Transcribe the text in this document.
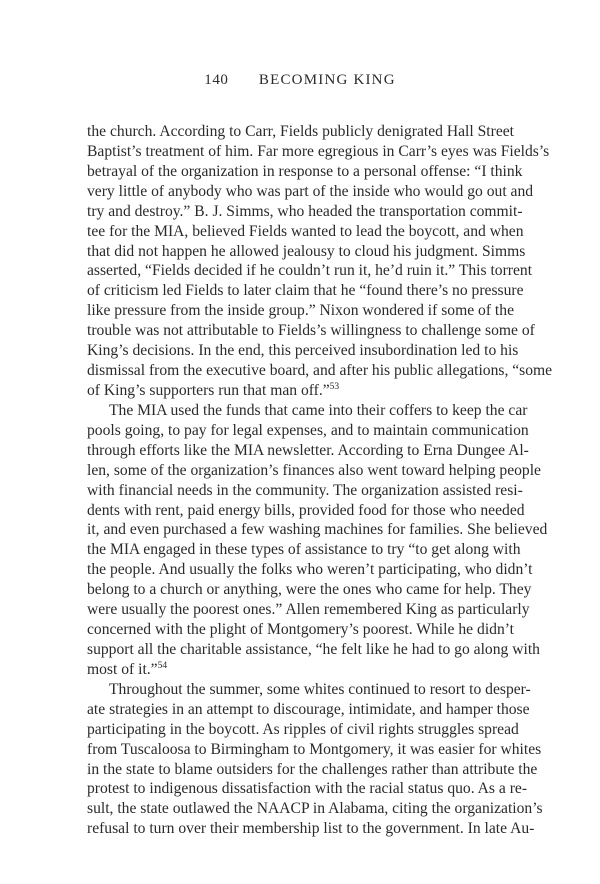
140 BECOMING KING
the church. According to Carr, Fields publicly denigrated Hall Street
Baptist’s treatment of him. Far more egregious in Carr’s eyes was Fields’s
betrayal of the organization in response to a personal offense: “I think
very little of anybody who was part of the inside who would go out and
try and destroy.” B. J. Simms, who headed the transportation commit-
tee for the MIA, believed Fields wanted to lead the boycott, and when
that did not happen he allowed jealousy to cloud his judgment. Simms
asserted, “Fields decided if he couldn’t run it, he’d ruin it.” This torrent
of criticism led Fields to later claim that he “found there’s no pressure
like pressure from the inside group.” Nixon wondered if some of the
trouble was not attributable to Fields’s willingness to challenge some of
King’s decisions. In the end, this perceived insubordination led to his
dismissal from the executive board, and after his public allegations, “some
of King’s supporters run that man off.”$^{53}$
The MIA used the funds that came into their coffers to keep the car
pools going, to pay for legal expenses, and to maintain communication
through efforts like the MIA newsletter. According to Erna Dungee Al-
len, some of the organization’s finances also went toward helping people
with financial needs in the community. The organization assisted resi-
dents with rent, paid energy bills, provided food for those who needed
it, and even purchased a few washing machines for families. She believed
the MIA engaged in these types of assistance to try “to get along with
the people. And usually the folks who weren’t participating, who didn’t
belong to a church or anything, were the ones who came for help. They
were usually the poorest ones.” Allen remembered King as particularly
concerned with the plight of Montgomery’s poorest. While he didn’t
support all the charitable assistance, “he felt like he had to go along with
most of it.”$^{54}$
Throughout the summer, some whites continued to resort to desper-
ate strategies in an attempt to discourage, intimidate, and hamper those
participating in the boycott. As ripples of civil rights struggles spread
from Tuscaloosa to Birmingham to Montgomery, it was easier for whites
in the state to blame outsiders for the challenges rather than attribute the
protest to indigenous dissatisfaction with the racial status quo. As a re-
sult, the state outlawed the NAACP in Alabama, citing the organization’s
refusal to turn over their membership list to the government. In late Au-
